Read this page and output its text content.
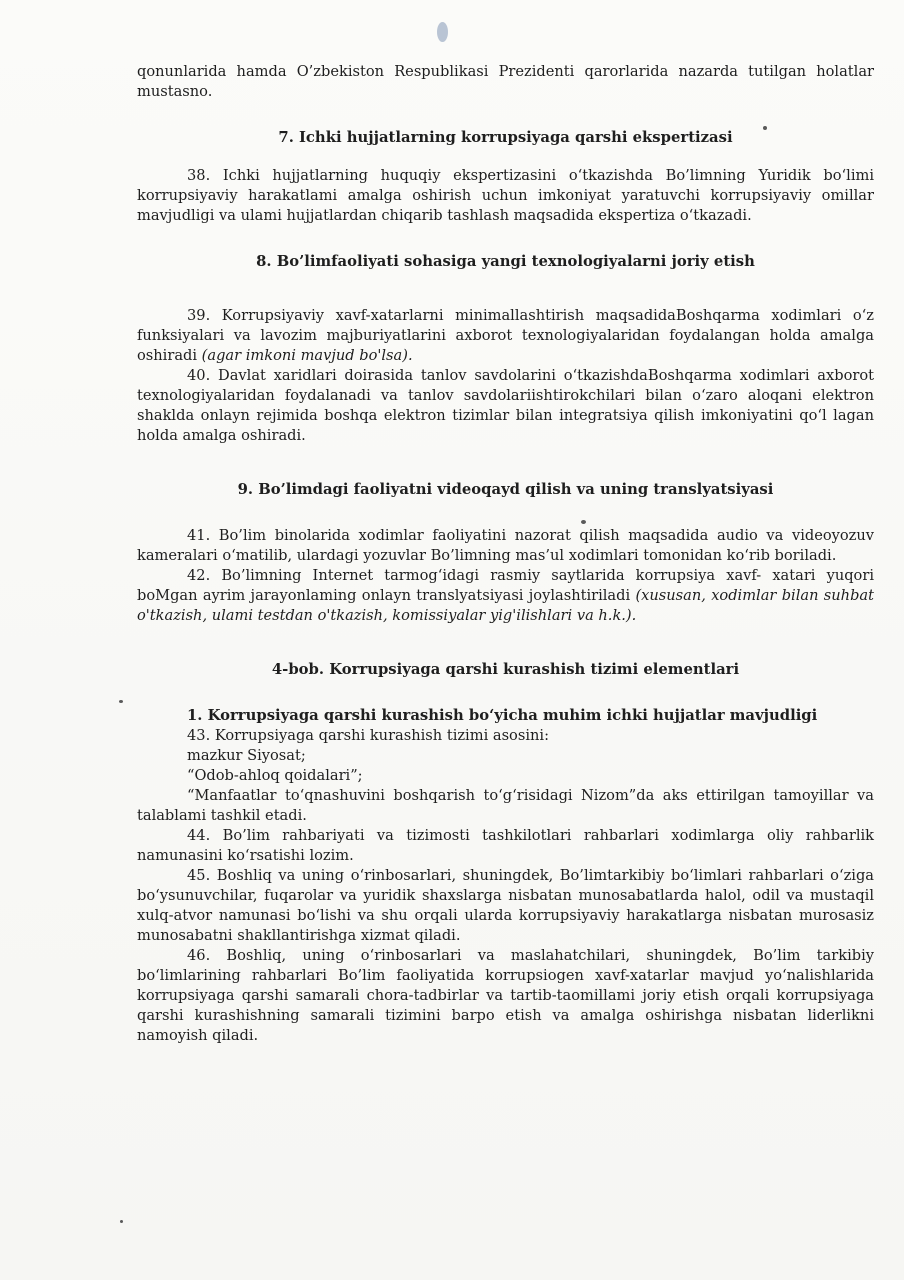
qonunlarida hamda O’zbekiston Respublikasi Prezidenti qarorlarida nazarda tutilgan holatlar mustasno.

7. Ichki hujjatlarning korrupsiyaga qarshi ekspertizasi

38. Ichki hujjatlarning huquqiy ekspertizasini o‘tkazishda Bo’limning Yuridik bo‘limi korrupsiyaviy harakatlami amalga oshirish uchun imkoniyat yaratuvchi korrupsiyaviy omillar mavjudligi va ulami hujjatlardan chiqarib tashlash maqsadida ekspertiza o‘tkazadi.

8. Bo’limfaoliyati sohasiga yangi texnologiyalarni joriy etish

39. Korrupsiyaviy xavf-xatarlarni minimallashtirish maqsadidaBoshqarma xodimlari o‘z funksiyalari va lavozim majburiyatlarini axborot texnologiyalaridan foydalangan holda amalga oshiradi (agar imkoni mavjud bo'lsa).

40. Davlat xaridlari doirasida tanlov savdolarini o‘tkazishdaBoshqarma xodimlari axborot texnologiyalaridan foydalanadi va tanlov savdolariishtirokchilari bilan o‘zaro aloqani elektron shaklda onlayn rejimida boshqa elektron tizimlar bilan integratsiya qilish imkoniyatini qo‘l lagan holda amalga oshiradi.

9. Bo’limdagi faoliyatni videoqayd qilish va uning translyatsiyasi

41. Bo’lim binolarida xodimlar faoliyatini nazorat qilish maqsadida audio va videoyozuv kameralari o‘matilib, ulardagi yozuvlar Bo’limning mas’ul xodimlari tomonidan ko‘rib boriladi.

42. Bo’limning Internet tarmog‘idagi rasmiy saytlarida korrupsiya xavf- xatari yuqori boMgan ayrim jarayonlaming onlayn translyatsiyasi joylashtiriladi (xususan, xodimlar bilan suhbat o'tkazish, ulami testdan o'tkazish, komissiyalar yig'ilishlari va h.k.).

4-bob. Korrupsiyaga qarshi kurashish tizimi elementlari

1. Korrupsiyaga qarshi kurashish bo‘yicha muhim ichki hujjatlar mavjudligi

43. Korrupsiyaga qarshi kurashish tizimi asosini:

mazkur Siyosat;

“Odob-ahloq qoidalari”;

“Manfaatlar to‘qnashuvini boshqarish to‘g‘risidagi Nizom”da aks ettirilgan tamoyillar va talablami tashkil etadi.

44. Bo’lim rahbariyati va tizimosti tashkilotlari rahbarlari xodimlarga oliy rahbarlik namunasini ko‘rsatishi lozim.

45. Boshliq va uning o‘rinbosarlari, shuningdek, Bo’limtarkibiy bo‘limlari rahbarlari o‘ziga bo‘ysunuvchilar, fuqarolar va yuridik shaxslarga nisbatan munosabatlarda halol, odil va mustaqil xulq-atvor namunasi bo‘lishi va shu orqali ularda korrupsiyaviy harakatlarga nisbatan murosasiz munosabatni shakllantirishga xizmat qiladi.

46. Boshliq, uning o‘rinbosarlari va maslahatchilari, shuningdek, Bo’lim tarkibiy bo‘limlarining rahbarlari Bo’lim faoliyatida korrupsiogen xavf-xatarlar mavjud yo‘nalishlarida korrupsiyaga qarshi samarali chora-tadbirlar va tartib-taomillami joriy etish orqali korrupsiyaga qarshi kurashishning samarali tizimini barpo etish va amalga oshirishga nisbatan liderlikni namoyish qiladi.
